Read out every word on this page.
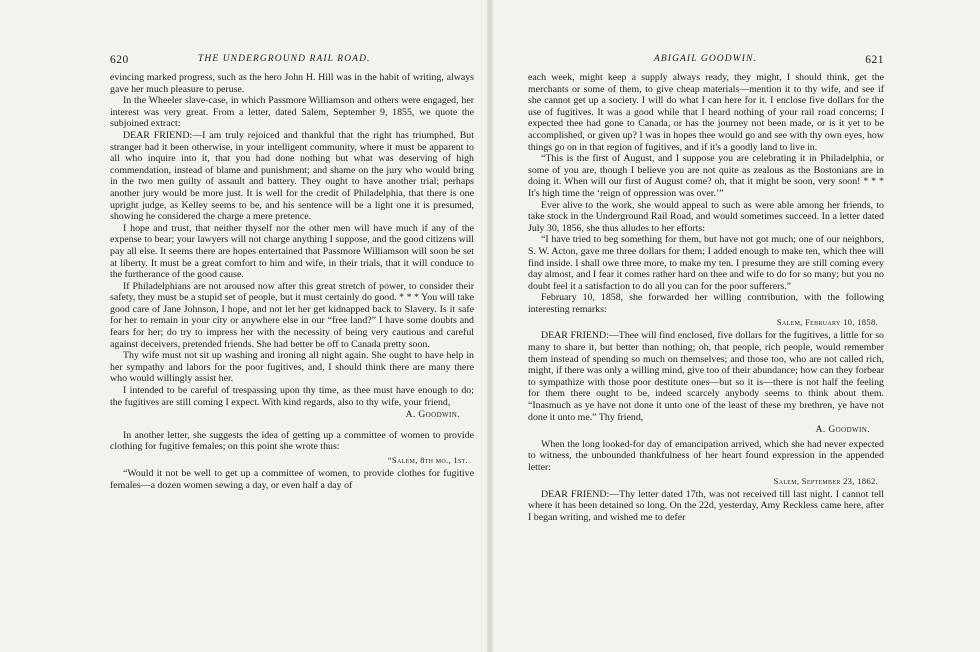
620	THE UNDERGROUND RAIL ROAD.

evincing marked progress, such as the hero John H. Hill was in the habit of writing, always gave her much pleasure to peruse.

In the Wheeler slave-case, in which Passmore Williamson and others were engaged, her interest was very great. From a letter, dated Salem, September 9, 1855, we quote the subjoined extract:

DEAR FRIEND:—I am truly rejoiced and thankful that the right has triumphed. But stranger had it been otherwise, in your intelligent community, where it must be apparent to all who inquire into it, that you had done nothing but what was deserving of high commendation, instead of blame and punishment; and shame on the jury who would bring in the two men guilty of assault and battery. They ought to have another trial; perhaps another jury would be more just. It is well for the credit of Philadelphia, that there is one upright judge, as Kelley seems to be, and his sentence will be a light one it is presumed, showing he considered the charge a mere pretence.

I hope and trust, that neither thyself nor the other men will have much if any of the expense to bear; your lawyers will not charge anything I suppose, and the good citizens will pay all else. It seems there are hopes entertained that Passmore Williamson will soon be set at liberty. It must be a great comfort to him and wife, in their trials, that it will conduce to the furtherance of the good cause.

If Philadelphians are not aroused now after this great stretch of power, to consider their safety, they must be a stupid set of people, but it must certainly do good. * * * You will take good care of Jane Johnson, I hope, and not let her get kidnapped back to Slavery. Is it safe for her to remain in your city or anywhere else in our “free land?” I have some doubts and fears for her; do try to impress her with the necessity of being very cautious and careful against deceivers, pretended friends. She had better be off to Canada pretty soon.

Thy wife must not sit up washing and ironing all night again. She ought to have help in her sympathy and labors for the poor fugitives, and, I should think there are many there who would willingly assist her.

I intended to be careful of trespassing upon thy time, as thee must have enough to do; the fugitives are still coming I expect. With kind regards, also to thy wife, your friend,

A. Goodwin.

In another letter, she suggests the idea of getting up a committee of women to provide clothing for fugitive females; on this point she wrote thus:

“Salem, 8th mo., 1st.

“Would it not be well to get up a committee of women, to provide clothes for fugitive females—a dozen women sewing a day, or even half a day of

ABIGAIL GOODWIN.	621

each week, might keep a supply always ready, they might, I should think, get the merchants or some of them, to give cheap materials—mention it to thy wife, and see if she cannot get up a society. I will do what I can here for it. I enclose five dollars for the use of fugitives. It was a good while that I heard nothing of your rail road concerns; I expected thee had gone to Canada, or has the journey not been made, or is it yet to be accomplished, or given up? I was in hopes thee would go and see with thy own eyes, how things go on in that region of fugitives, and if it's a goodly land to live in.

“This is the first of August, and I suppose you are celebrating it in Philadelphia, or some of you are, though I believe you are not quite as zealous as the Bostonians are in doing it. When will our first of August come? oh, that it might be soon, very soon! * * * It's high time the ‘reign of oppression was over.’”

Ever alive to the work, she would appeal to such as were able among her friends, to take stock in the Underground Rail Road, and would sometimes succeed. In a letter dated July 30, 1856, she thus alludes to her efforts:

“I have tried to beg something for them, but have not got much; one of our neighbors, S. W. Acton, gave me three dollars for them; I added enough to make ten, which thee will find inside. I shall owe three more, to make my ten. I presume they are still coming every day almost, and I fear it comes rather hard on thee and wife to do for so many; but you no doubt feel it a satisfaction to do all you can for the poor sufferers.”

February 10, 1858, she forwarded her willing contribution, with the following interesting remarks:

Salem, February 10, 1858.

DEAR FRIEND:—Thee will find enclosed, five dollars for the fugitives, a little for so many to share it, but better than nothing; oh, that people, rich people, would remember them instead of spending so much on themselves; and those too, who are not called rich, might, if there was only a willing mind, give too of their abundance; how can they forbear to sympathize with those poor destitute ones—but so it is—there is not half the feeling for them there ought to be, indeed scarcely anybody seems to think about them. “Inasmuch as ye have not done it unto one of the least of these my brethren, ye have not done it unto me.” Thy friend,

A. Goodwin.

When the long looked-for day of emancipation arrived, which she had never expected to witness, the unbounded thankfulness of her heart found expression in the appended letter:

Salem, September 23, 1862.

DEAR FRIEND:—Thy letter dated 17th, was not received till last night. I cannot tell where it has been detained so long. On the 22d, yesterday, Amy Reckless came here, after I began writing, and wished me to defer
